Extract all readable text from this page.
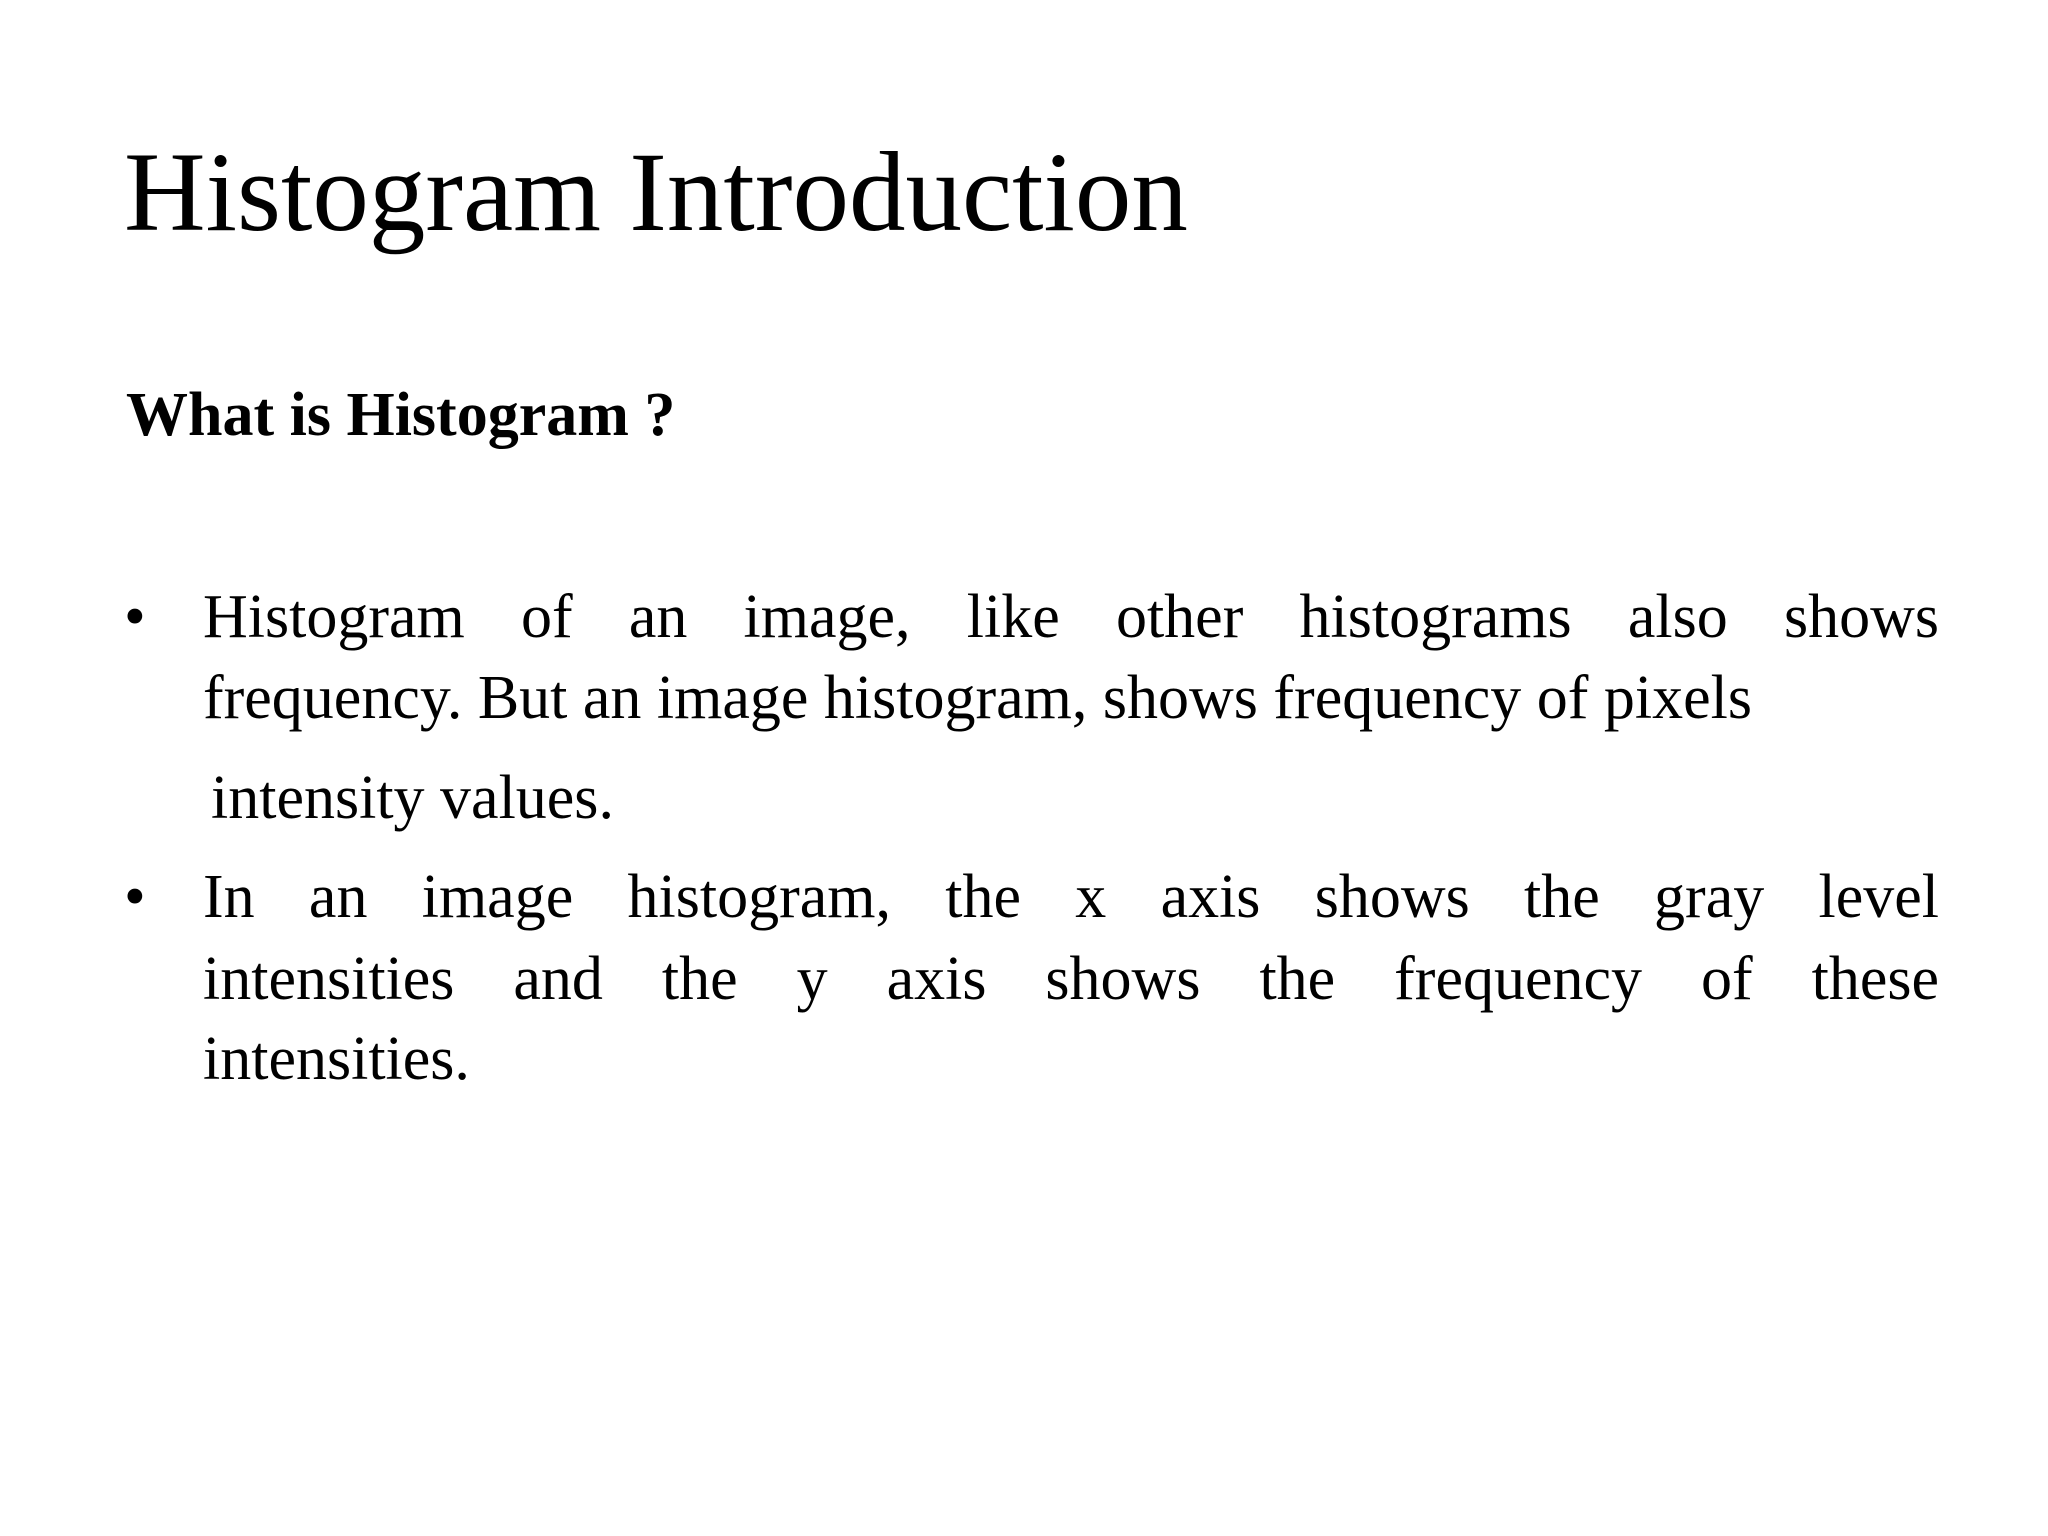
Histogram Introduction
What is Histogram ?
• Histogram of an image, like other histograms also shows
frequency. But an image histogram, shows frequency of pixels
intensity values.
• In an image histogram, the x axis shows the gray level
intensities and the y axis shows the frequency of these
intensities.
